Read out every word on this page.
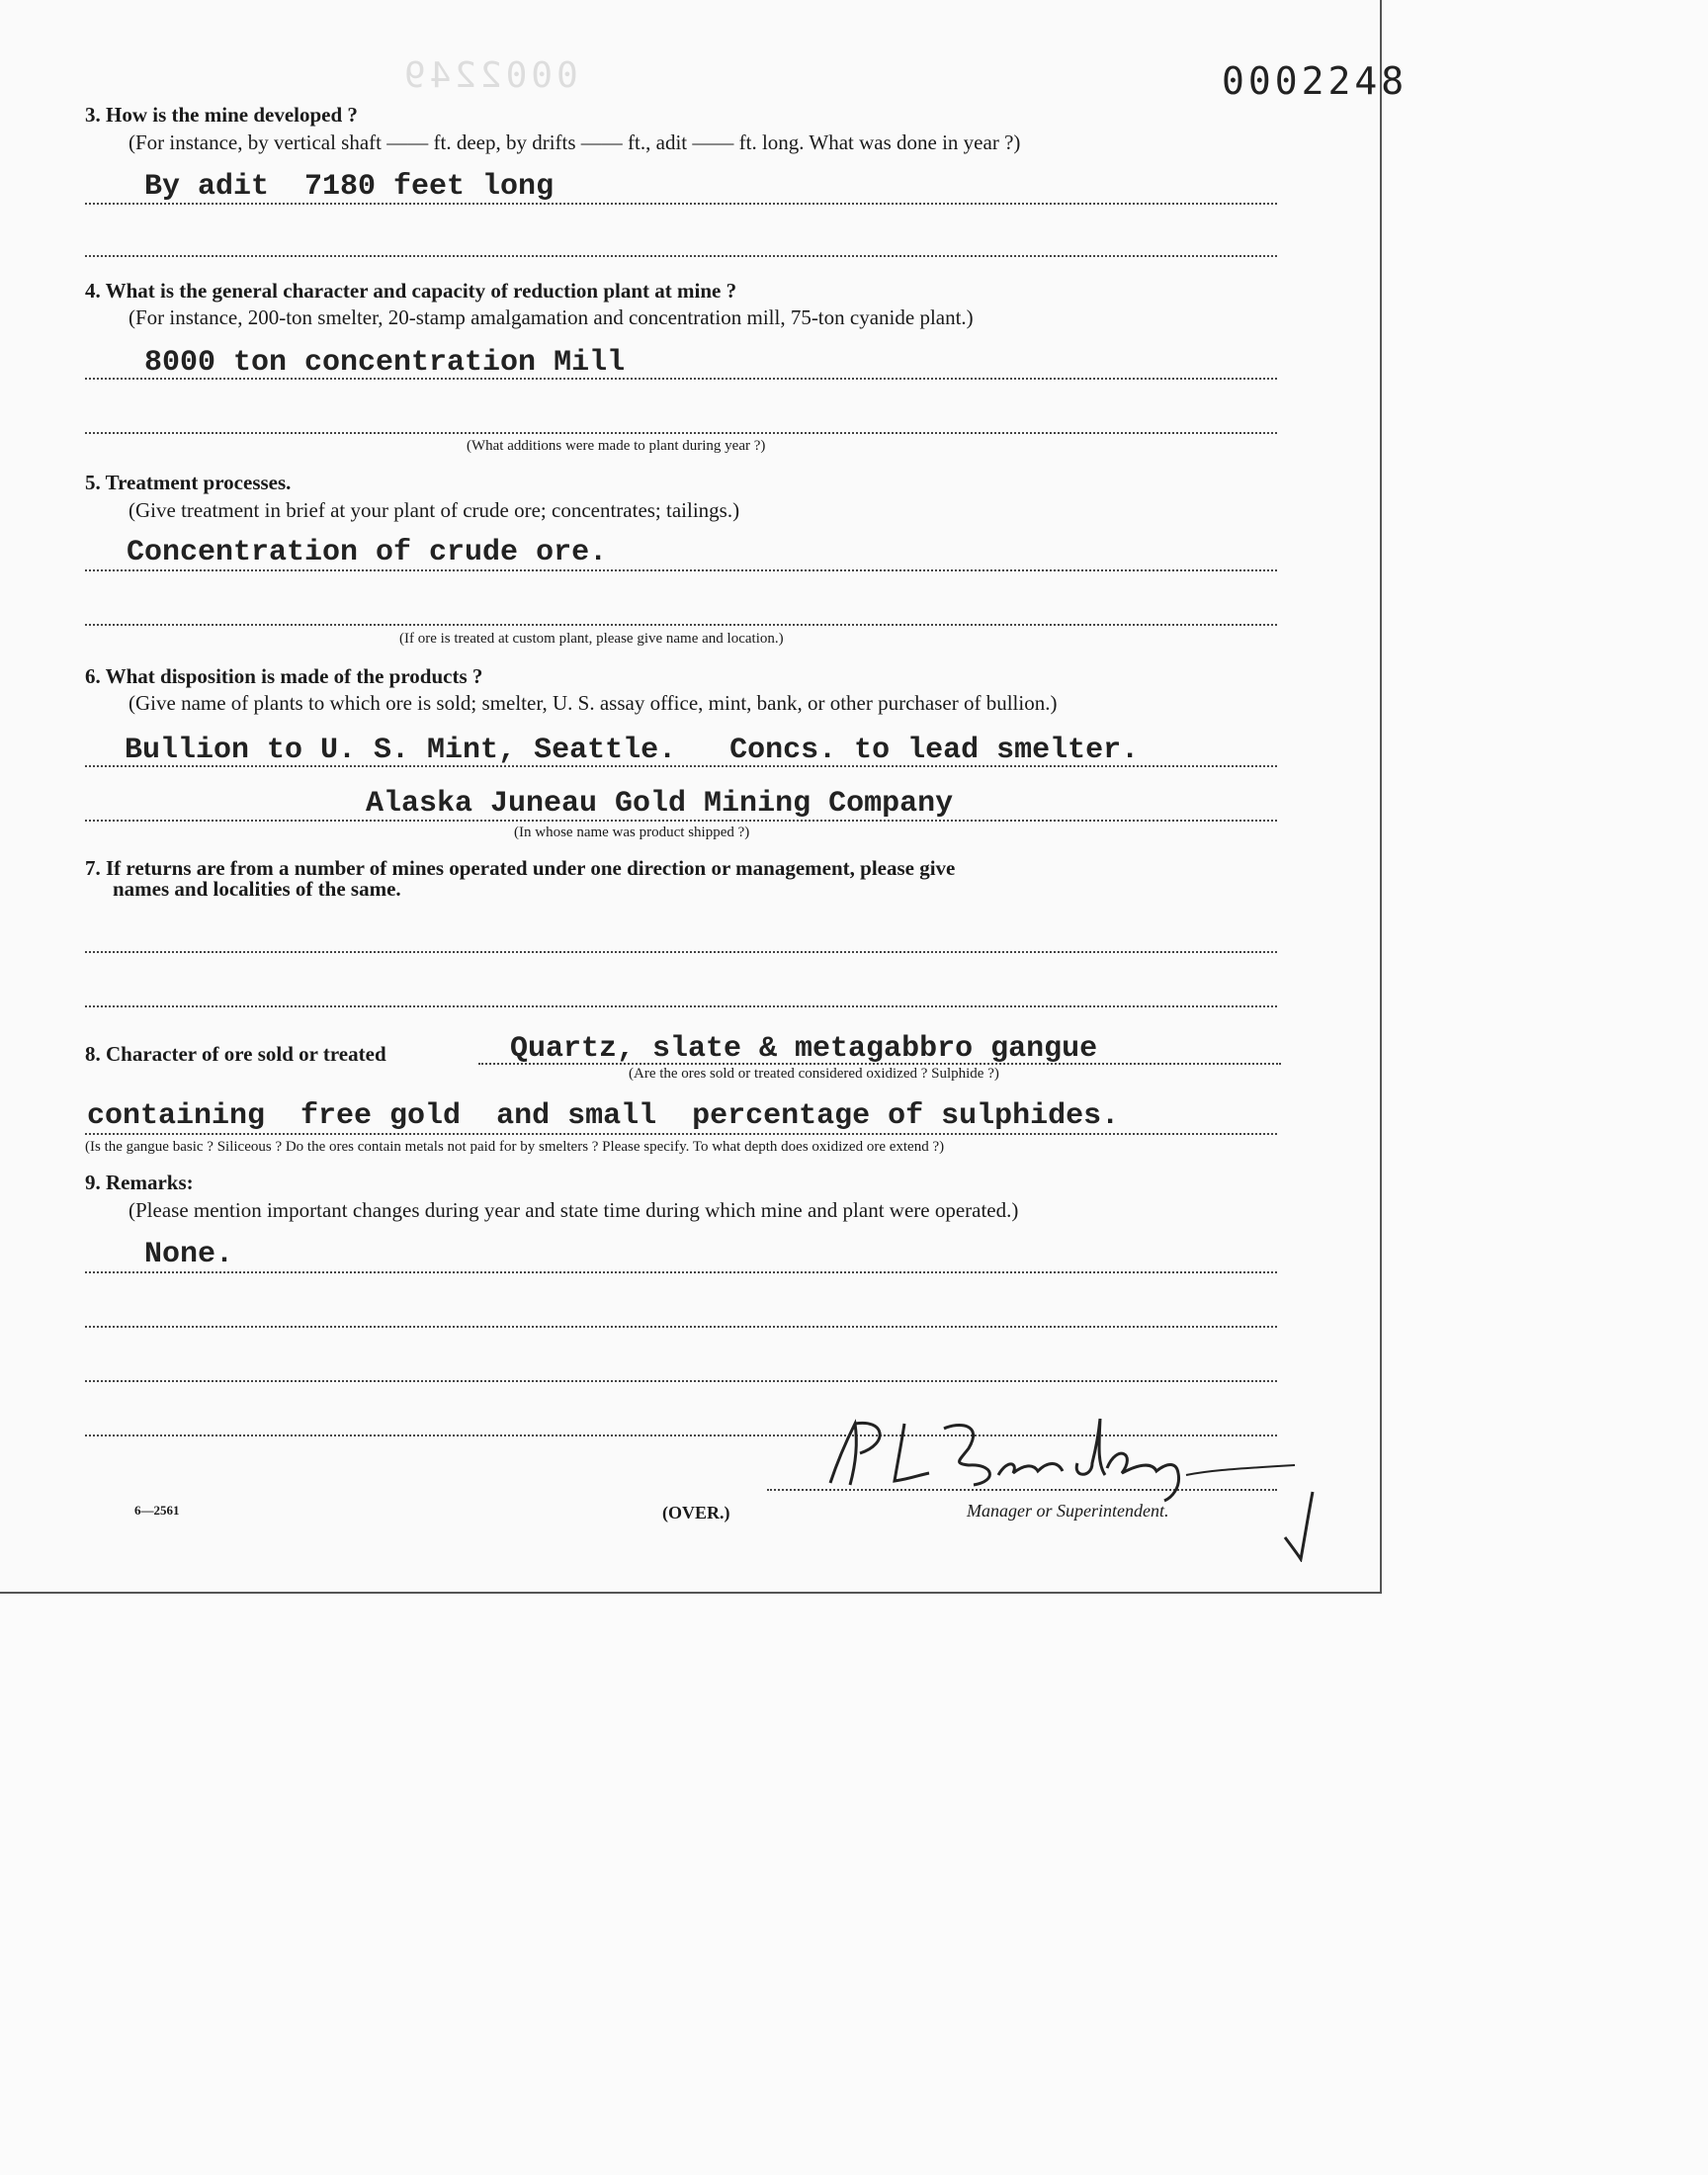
0002249	0002248
3. How is the mine developed ?
(For instance, by vertical shaft —— ft. deep, by drifts —— ft., adit —— ft. long. What was done in year ?)
By adit  7180 feet long
4. What is the general character and capacity of reduction plant at mine ?
(For instance, 200-ton smelter, 20-stamp amalgamation and concentration mill, 75-ton cyanide plant.)
8000 ton concentration Mill
(What additions were made to plant during year ?)
5. Treatment processes.
(Give treatment in brief at your plant of crude ore; concentrates; tailings.)
Concentration of crude ore.
(If ore is treated at custom plant, please give name and location.)
6. What disposition is made of the products ?
(Give name of plants to which ore is sold; smelter, U. S. assay office, mint, bank, or other purchaser of bullion.)
Bullion to U. S. Mint, Seattle.   Concs. to lead smelter.
Alaska Juneau Gold Mining Company
(In whose name was product shipped ?)
7. If returns are from a number of mines operated under one direction or management, please give
names and localities of the same.
8. Character of ore sold or treated	Quartz, slate & metagabbro gangue
(Are the ores sold or treated considered oxidized ? Sulphide ?)
containing  free gold  and small  percentage of sulphides.
(Is the gangue basic ? Siliceous ? Do the ores contain metals not paid for by smelters ? Please specify. To what depth does oxidized ore extend ?)
9. Remarks:
(Please mention important changes during year and state time during which mine and plant were operated.)
None.
6—2561	(OVER.)	Manager or Superintendent.
